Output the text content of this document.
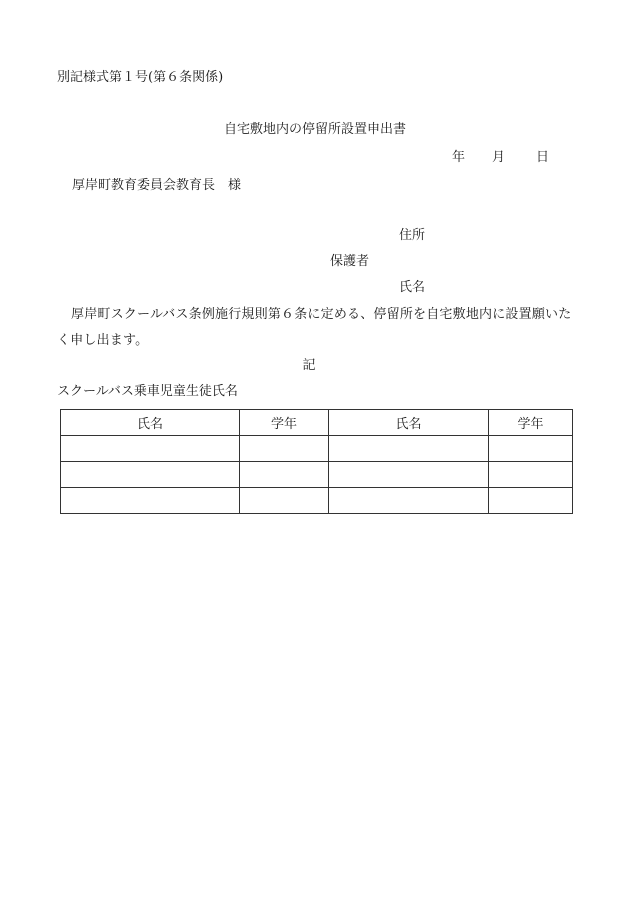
別記様式第１号(第６条関係)
自宅敷地内の停留所設置申出書
年 月 日
厚岸町教育委員会教育長　様
住所
保護者
氏名
厚岸町スクールバス条例施行規則第６条に定める、停留所を自宅敷地内に設置願いたく申し出ます。
記
スクールバス乗車児童生徒氏名
氏名	学年	氏名	学年
